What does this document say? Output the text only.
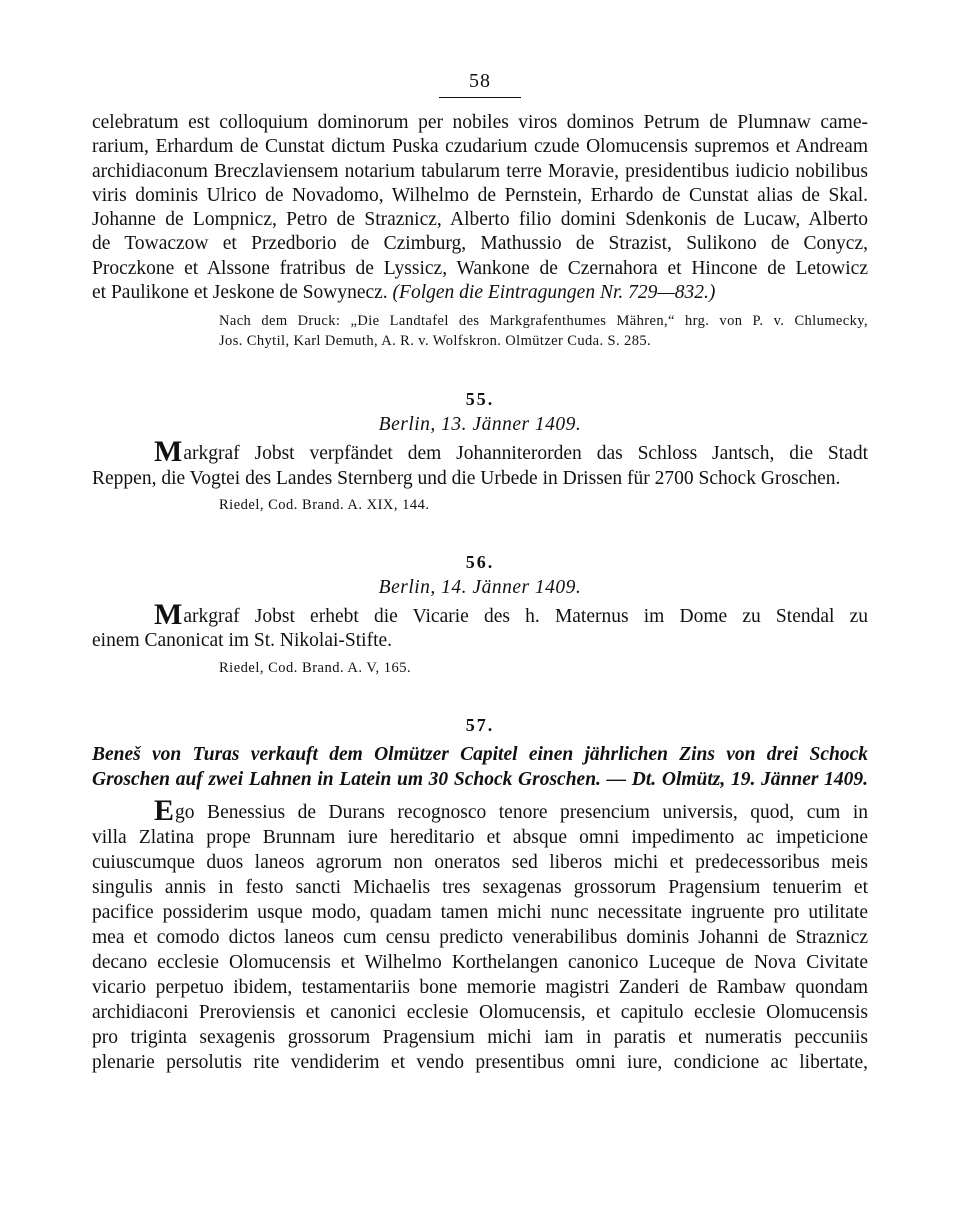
58

celebratum est colloquium dominorum per nobiles viros dominos Petrum de Plumnaw came-
rarium, Erhardum de Cunstat dictum Puska czudarium czude Olomucensis supremos et Andream
archidiaconum Breczlaviensem notarium tabularum terre Moravie, presidentibus iudicio nobilibus
viris dominis Ulrico de Novadomo, Wilhelmo de Pernstein, Erhardo de Cunstat alias de Skal.
Johanne de Lompnicz, Petro de Straznicz, Alberto filio domini Sdenkonis de Lucaw, Alberto
de Towaczow et Przedborio de Czimburg, Mathussio de Strazist, Sulikono de Conycz,
Proczkone et Alssone fratribus de Lyssicz, Wankone de Czernahora et Hincone de Letowicz
et Paulikone et Jeskone de Sowynecz. (Folgen die Eintragungen Nr. 729—832.)

Nach dem Druck: „Die Landtafel des Markgrafenthumes Mähren,“ hrg. von P. v. Chlumecky,
Jos. Chytil, Karl Demuth, A. R. v. Wolfskron. Olmützer Cuda. S. 285.

55.

Berlin, 13. Jänner 1409.

Markgraf Jobst verpfändet dem Johanniterorden das Schloss Jantsch, die Stadt

Reppen, die Vogtei des Landes Sternberg und die Urbede in Drissen für 2700 Schock Groschen.

Riedel, Cod. Brand. A. XIX, 144.

56.

Berlin, 14. Jänner 1409.

Markgraf Jobst erhebt die Vicarie des h. Maternus im Dome zu Stendal zu

einem Canonicat im St. Nikolai-Stifte.

Riedel, Cod. Brand. A. V, 165.

57.

Beneš von Turas verkauft dem Olmützer Capitel einen jährlichen Zins von drei Schock
Groschen auf zwei Lahnen in Latein um 30 Schock Groschen. — Dt. Olmütz, 19. Jänner 1409.

Ego Benessius de Durans recognosco tenore presencium universis, quod, cum in

villa Zlatina prope Brunnam iure hereditario et absque omni impedimento ac impeticione
cuiuscumque duos laneos agrorum non oneratos sed liberos michi et predecessoribus meis
singulis annis in festo sancti Michaelis tres sexagenas grossorum Pragensium tenuerim et
pacifice possiderim usque modo, quadam tamen michi nunc necessitate ingruente pro utilitate
mea et comodo dictos laneos cum censu predicto venerabilibus dominis Johanni de Straznicz
decano ecclesie Olomucensis et Wilhelmo Korthelangen canonico Luceque de Nova Civitate
vicario perpetuo ibidem, testamentariis bone memorie magistri Zanderi de Rambaw quondam
archidiaconi Preroviensis et canonici ecclesie Olomucensis, et capitulo ecclesie Olomucensis
pro triginta sexagenis grossorum Pragensium michi iam in paratis et numeratis peccuniis
plenarie persolutis rite vendiderim et vendo presentibus omni iure, condicione ac libertate,
